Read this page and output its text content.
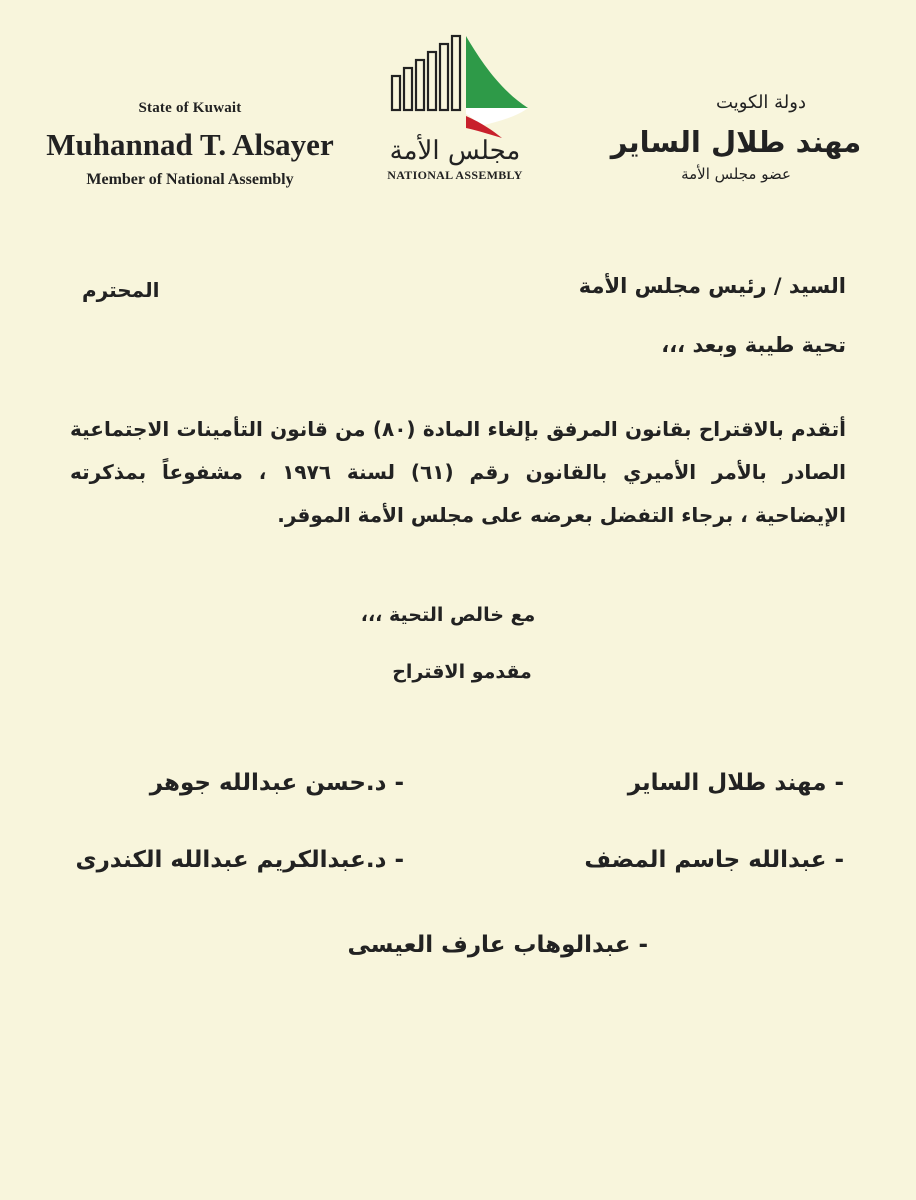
State of Kuwait
Muhannad T. Alsayer
Member of National Assembly
مجلس الأمة
NATIONAL ASSEMBLY
دولة الكويت
مهند طلال الساير
عضو مجلس الأمة
السيد / رئيس مجلس الأمة
المحترم
تحية طيبة وبعد ،،،
أتقدم بالاقتراح بقانون المرفق بإلغاء المادة (٨٠) من قانون التأمينات الاجتماعية الصادر بالأمر الأميري بالقانون رقم (٦١) لسنة ١٩٧٦ ، مشفوعاً بمذكرته الإيضاحية ، برجاء التفضل بعرضه على مجلس الأمة الموقر.
مع خالص التحية ،،،
مقدمو الاقتراح
- مهند طلال الساير
- د.حسن عبدالله جوهر
- عبدالله جاسم المضف
- د.عبدالكريم عبدالله الكندرى
- عبدالوهاب عارف العيسى
